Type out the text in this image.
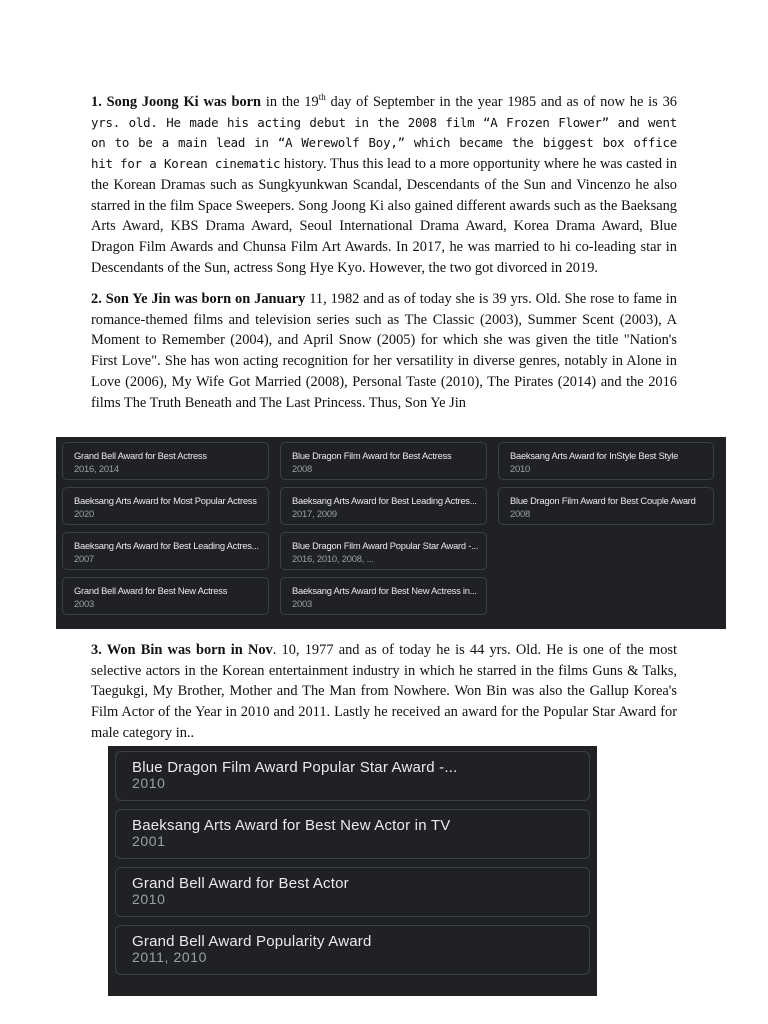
1. Song Joong Ki was born in the 19th day of September in the year 1985 and as of now he is 36 yrs. old. He made his acting debut in the 2008 film “A Frozen Flower” and went on to be a main lead in “A Werewolf Boy,” which became the biggest box office hit for a Korean cinematic history. Thus this lead to a more opportunity where he was casted in the Korean Dramas such as Sungkyunkwan Scandal, Descendants of the Sun and Vincenzo he also starred in the film Space Sweepers. Song Joong Ki also gained different awards such as the Baeksang Arts Award, KBS Drama Award, Seoul International Drama Award, Korea Drama Award, Blue Dragon Film Awards and Chunsa Film Art Awards. In 2017, he was married to hi co-leading star in Descendants of the Sun, actress Song Hye Kyo. However, the two got divorced in 2019.

2. Son Ye Jin was born on January 11, 1982 and as of today she is 39 yrs. Old. She rose to fame in romance-themed films and television series such as The Classic (2003), Summer Scent (2003), A Moment to Remember (2004), and April Snow (2005) for which she was given the title "Nation's First Love". She has won acting recognition for her versatility in diverse genres, notably in Alone in Love (2006), My Wife Got Married (2008), Personal Taste (2010), The Pirates (2014) and the 2016 films The Truth Beneath and The Last Princess. Thus, Son Ye Jin

Grand Bell Award for Best Actress
2016, 2014
Blue Dragon Film Award for Best Actress
2008
Baeksang Arts Award for InStyle Best Style
2010
Baeksang Arts Award for Most Popular Actress
2020
Baeksang Arts Award for Best Leading Actres...
2017, 2009
Blue Dragon Film Award for Best Couple Award
2008
Baeksang Arts Award for Best Leading Actres...
2007
Blue Dragon Film Award Popular Star Award -...
2016, 2010, 2008, ...
Grand Bell Award for Best New Actress
2003
Baeksang Arts Award for Best New Actress in...
2003

3. Won Bin was born in Nov. 10, 1977 and as of today he is 44 yrs. Old. He is one of the most selective actors in the Korean entertainment industry in which he starred in the films Guns & Talks, Taegukgi, My Brother, Mother and The Man from Nowhere. Won Bin was also the Gallup Korea's Film Actor of the Year in 2010 and 2011. Lastly he received an award for the Popular Star Award for male category in..

Blue Dragon Film Award Popular Star Award -...
2010
Baeksang Arts Award for Best New Actor in TV
2001
Grand Bell Award for Best Actor
2010
Grand Bell Award Popularity Award
2011, 2010
